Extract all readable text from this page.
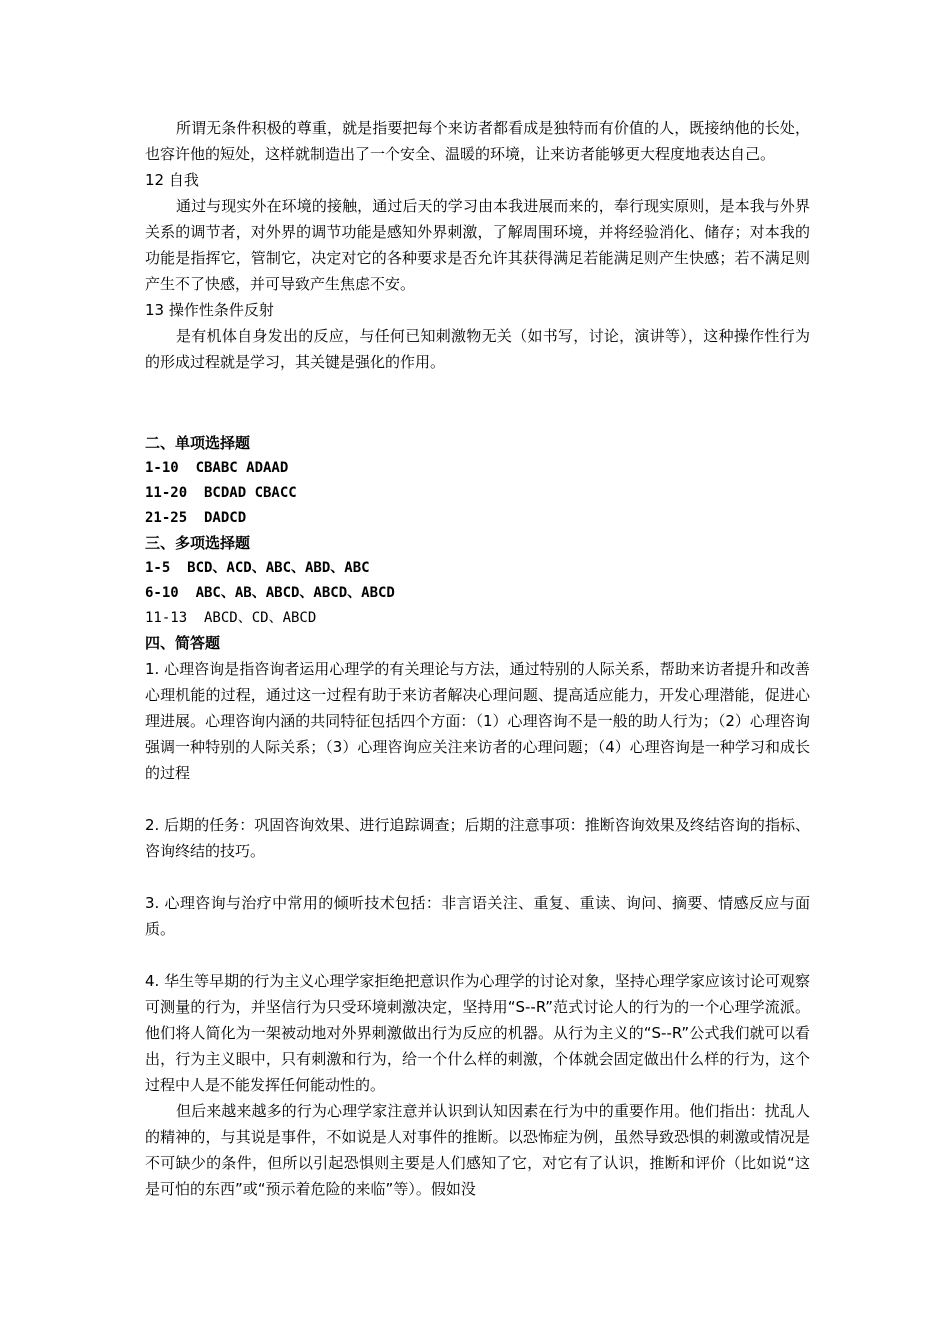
所谓无条件积极的尊重，就是指要把每个来访者都看成是独特而有价值的人，既接纳他的长处，也容许他的短处，这样就制造出了一个安全、温暖的环境，让来访者能够更大程度地表达自己。

12 自我

通过与现实外在环境的接触，通过后天的学习由本我进展而来的，奉行现实原则，是本我与外界关系的调节者，对外界的调节功能是感知外界刺激，了解周围环境，并将经验消化、储存；对本我的功能是指挥它，管制它，决定对它的各种要求是否允许其获得满足若能满足则产生快感；若不满足则产生不了快感，并可导致产生焦虑不安。

13 操作性条件反射

是有机体自身发出的反应，与任何已知刺激物无关（如书写，讨论，演讲等），这种操作性行为的形成过程就是学习，其关键是强化的作用。

二、单项选择题

1-10  CBABC ADAAD

11-20  BCDAD CBACC

21-25  DADCD

三、多项选择题

1-5  BCD、ACD、ABC、ABD、ABC

6-10  ABC、AB、ABCD、ABCD、ABCD

11-13  ABCD、CD、ABCD

四、简答题

1. 心理咨询是指咨询者运用心理学的有关理论与方法，通过特别的人际关系，帮助来访者提升和改善心理机能的过程，通过这一过程有助于来访者解决心理问题、提高适应能力，开发心理潜能，促进心理进展。心理咨询内涵的共同特征包括四个方面：（1）心理咨询不是一般的助人行为；（2）心理咨询强调一种特别的人际关系；（3）心理咨询应关注来访者的心理问题；（4）心理咨询是一种学习和成长的过程

2. 后期的任务：巩固咨询效果、进行追踪调查；后期的注意事项：推断咨询效果及终结咨询的指标、咨询终结的技巧。

3. 心理咨询与治疗中常用的倾听技术包括：非言语关注、重复、重读、询问、摘要、情感反应与面质。

4. 华生等早期的行为主义心理学家拒绝把意识作为心理学的讨论对象，坚持心理学家应该讨论可观察可测量的行为，并坚信行为只受环境刺激决定，坚持用“S--R”范式讨论人的行为的一个心理学流派。他们将人简化为一架被动地对外界刺激做出行为反应的机器。从行为主义的“S--R”公式我们就可以看出，行为主义眼中，只有刺激和行为，给一个什么样的刺激，个体就会固定做出什么样的行为，这个过程中人是不能发挥任何能动性的。

但后来越来越多的行为心理学家注意并认识到认知因素在行为中的重要作用。他们指出：扰乱人的精神的，与其说是事件，不如说是人对事件的推断。以恐怖症为例，虽然导致恐惧的刺激或情况是不可缺少的条件，但所以引起恐惧则主要是人们感知了它，对它有了认识，推断和评价（比如说“这是可怕的东西”或“预示着危险的来临”等）。假如没
